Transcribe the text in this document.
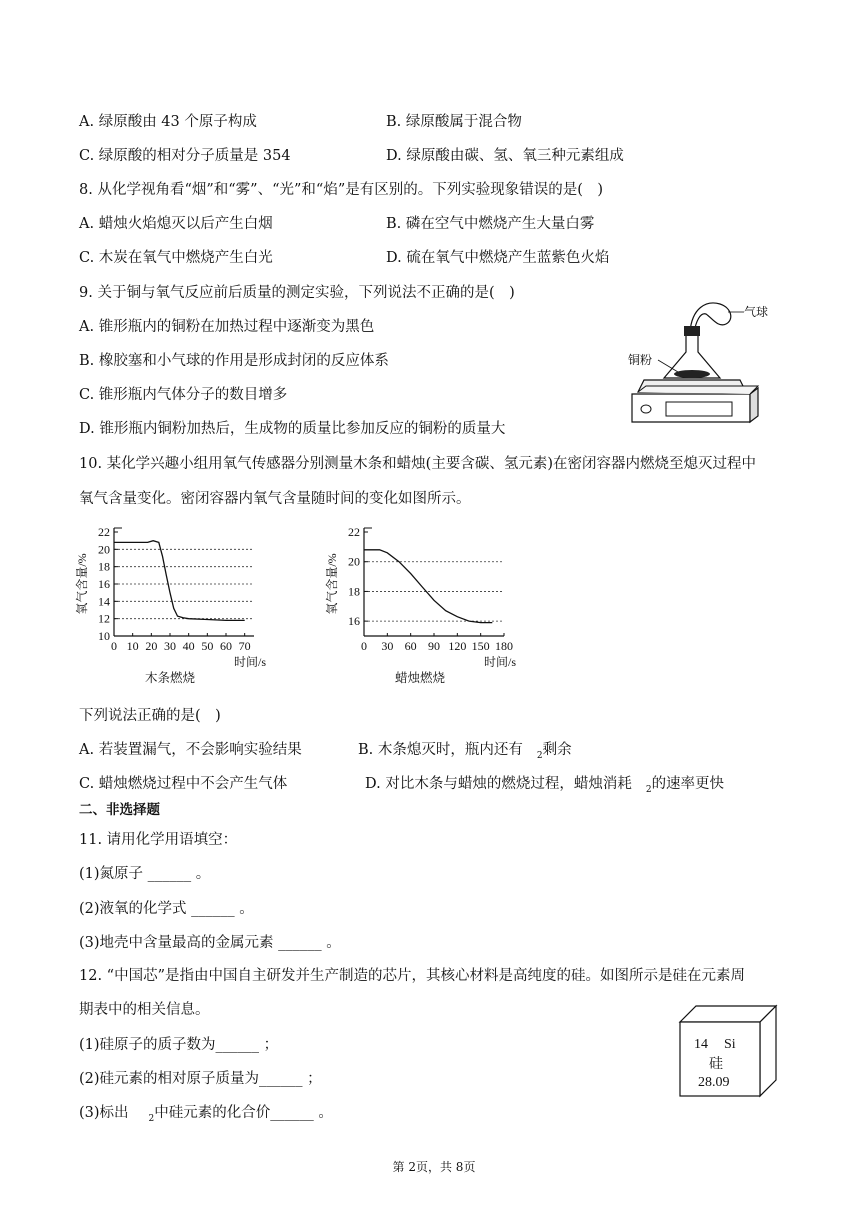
A. 绿原酸由 43 个原子构成	B. 绿原酸属于混合物
C. 绿原酸的相对分子质量是 354	D. 绿原酸由碳、氢、氧三种元素组成
8. 从化学视角看“烟”和“雾”、“光”和“焰”是有区别的。下列实验现象错误的是(　)
A. 蜡烛火焰熄灭以后产生白烟	B. 磷在空气中燃烧产生大量白雾
C. 木炭在氧气中燃烧产生白光	D. 硫在氧气中燃烧产生蓝紫色火焰
9. 关于铜与氧气反应前后质量的测定实验，下列说法不正确的是(　)
A. 锥形瓶内的铜粉在加热过程中逐渐变为黑色
B. 橡胶塞和小气球的作用是形成封闭的反应体系
C. 锥形瓶内气体分子的数目增多
D. 锥形瓶内铜粉加热后，生成物的质量比参加反应的铜粉的质量大
气球
铜粉
10. 某化学兴趣小组用氧气传感器分别测量木条和蜡烛(主要含碳、氢元素)在密闭容器内燃烧至熄灭过程中
氧气含量变化。密闭容器内氧气含量随时间的变化如图所示。
10
12
14
16
18
20
22
0 10 20 30 40 50 60 70
氧气含量/%
时间/s
木条燃烧
16
18
20
22
0 30 60 90 120 150 180
氧气含量/%
时间/s
蜡烛燃烧
下列说法正确的是(　)
A. 若装置漏气，不会影响实验结果	B. 木条熄灭时，瓶内还有 $_2$剩余
C. 蜡烛燃烧过程中不会产生气体	D. 对比木条与蜡烛的燃烧过程，蜡烛消耗 $_2$的速率更快
二、非选择题
11. 请用化学用语填空：
(1)氮原子 ______ 。
(2)液氧的化学式 ______ 。
(3)地壳中含量最高的金属元素 ______ 。
12. “中国芯”是指由中国自主研发并生产制造的芯片，其核心材料是高纯度的硅。如图所示是硅在元素周
期表中的相关信息。
(1)硅原子的质子数为______ ；
(2)硅元素的相对原子质量为______ ；
(3)标出 $_2$中硅元素的化合价______ 。
14 Si
硅
28.09
第 2页，共 8页
